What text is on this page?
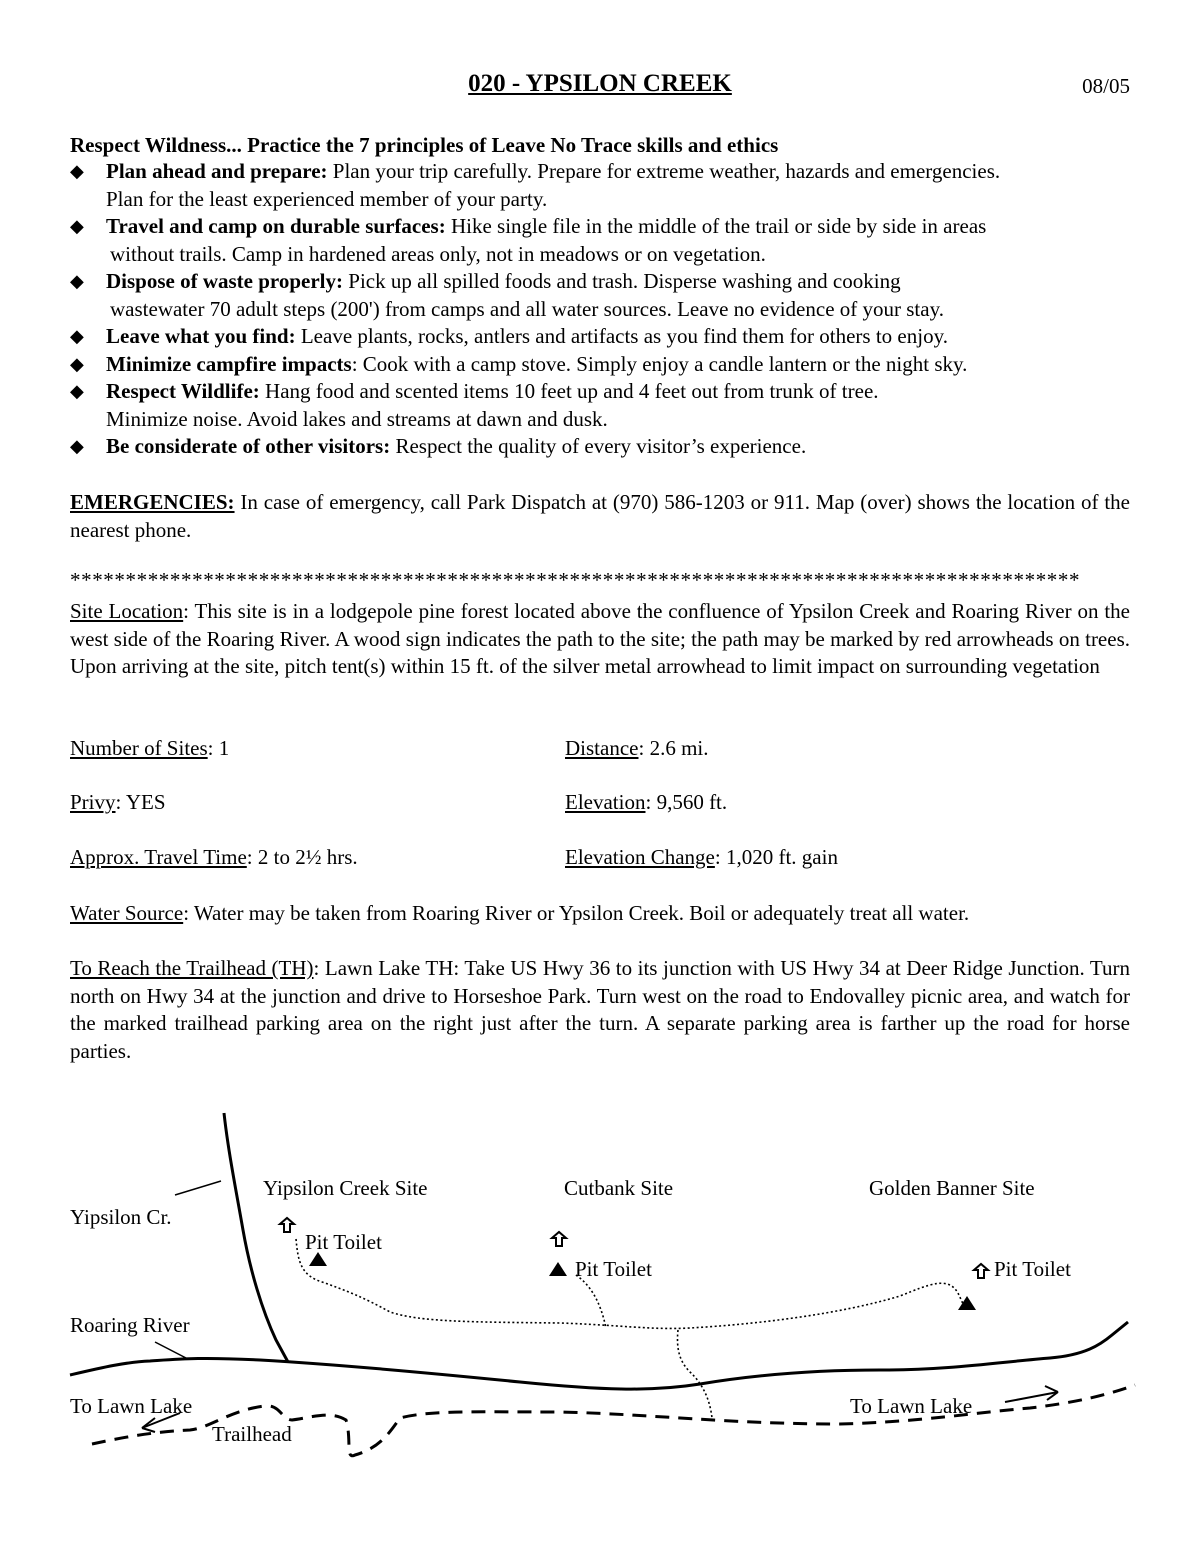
020 - YPSILON CREEK	08/05
Respect Wildness... Practice the 7 principles of Leave No Trace skills and ethics
◆ Plan ahead and prepare: Plan your trip carefully. Prepare for extreme weather, hazards and emergencies.
Plan for the least experienced member of your party.
◆ Travel and camp on durable surfaces: Hike single file in the middle of the trail or side by side in areas
without trails. Camp in hardened areas only, not in meadows or on vegetation.
◆ Dispose of waste properly: Pick up all spilled foods and trash. Disperse washing and cooking
wastewater 70 adult steps (200') from camps and all water sources. Leave no evidence of your stay.
◆ Leave what you find: Leave plants, rocks, antlers and artifacts as you find them for others to enjoy.
◆ Minimize campfire impacts: Cook with a camp stove. Simply enjoy a candle lantern or the night sky.
◆ Respect Wildlife: Hang food and scented items 10 feet up and 4 feet out from trunk of tree.
Minimize noise. Avoid lakes and streams at dawn and dusk.
◆ Be considerate of other visitors: Respect the quality of every visitor’s experience.
EMERGENCIES: In case of emergency, call Park Dispatch at (970) 586-1203 or 911. Map (over) shows the location of the nearest phone.
*******************************************************************************************
Site Location: This site is in a lodgepole pine forest located above the confluence of Ypsilon Creek and Roaring River on the west side of the Roaring River. A wood sign indicates the path to the site; the path may be marked by red arrowheads on trees. Upon arriving at the site, pitch tent(s) within 15 ft. of the silver metal arrowhead to limit impact on surrounding vegetation
Number of Sites: 1	Distance: 2.6 mi.
Privy: YES	Elevation: 9,560 ft.
Approx. Travel Time: 2 to 2½ hrs.	Elevation Change: 1,020 ft. gain
Water Source: Water may be taken from Roaring River or Ypsilon Creek. Boil or adequately treat all water.
To Reach the Trailhead (TH): Lawn Lake TH: Take US Hwy 36 to its junction with US Hwy 34 at Deer Ridge Junction. Turn north on Hwy 34 at the junction and drive to Horseshoe Park. Turn west on the road to Endovalley picnic area, and watch for the marked trailhead parking area on the right just after the turn. A separate parking area is farther up the road for horse parties.
Yipsilon Cr.
Yipsilon Creek Site	Cutbank Site	Golden Banner Site
Pit Toilet
Pit Toilet	Pit Toilet
Roaring River
To Lawn Lake	To Lawn Lake
Trailhead
